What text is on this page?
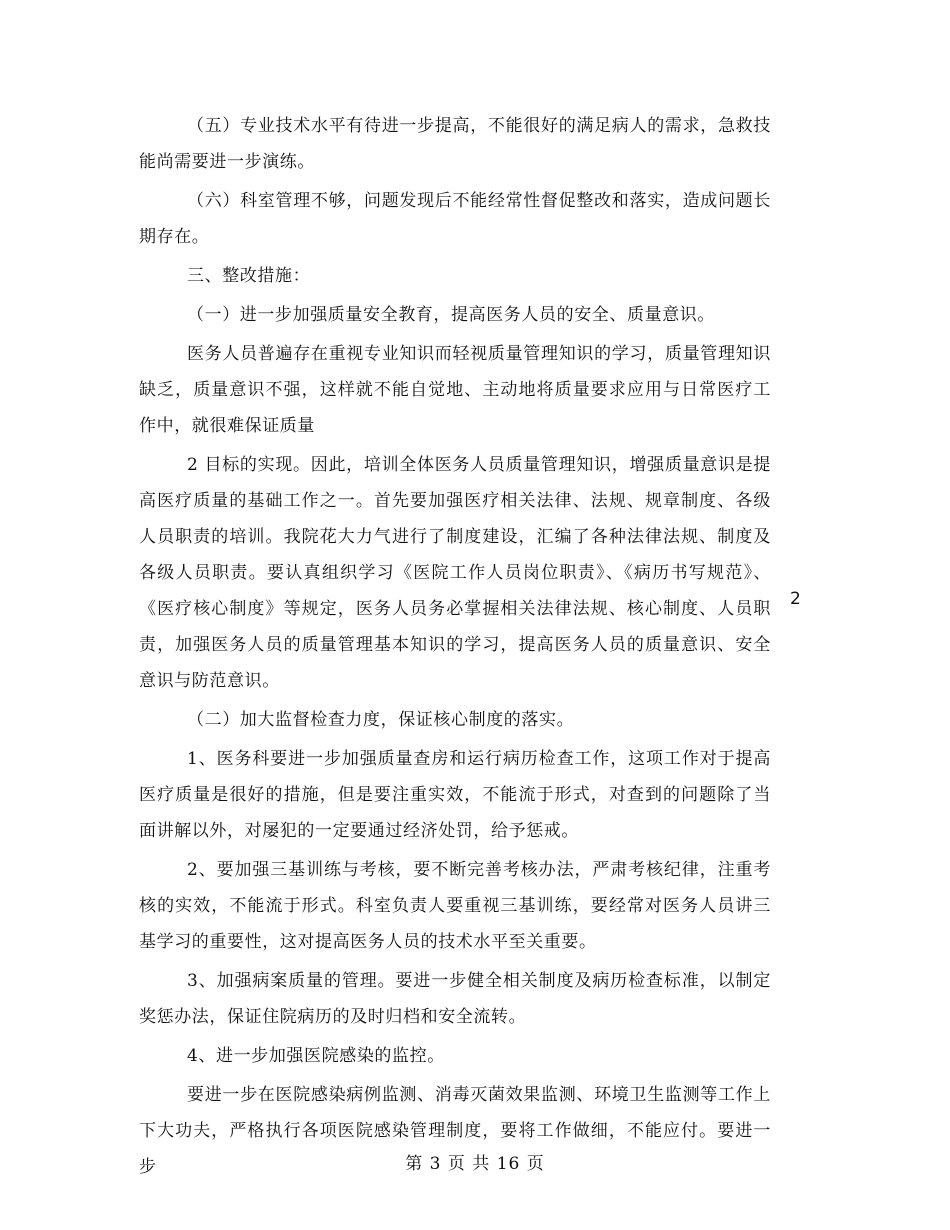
（五）专业技术水平有待进一步提高，不能很好的满足病人的需求，急救技能尚需要进一步演练。

（六）科室管理不够，问题发现后不能经常性督促整改和落实，造成问题长期存在。

三、整改措施：

（一）进一步加强质量安全教育，提高医务人员的安全、质量意识。

医务人员普遍存在重视专业知识而轻视质量管理知识的学习，质量管理知识缺乏，质量意识不强，这样就不能自觉地、主动地将质量要求应用与日常医疗工作中，就很难保证质量

2 目标的实现。因此，培训全体医务人员质量管理知识，增强质量意识是提高医疗质量的基础工作之一。首先要加强医疗相关法律、法规、规章制度、各级人员职责的培训。我院花大力气进行了制度建设，汇编了各种法律法规、制度及各级人员职责。要认真组织学习《医院工作人员岗位职责》、《病历书写规范》、《医疗核心制度》等规定，医务人员务必掌握相关法律法规、核心制度、人员职责，加强医务人员的质量管理基本知识的学习，提高医务人员的质量意识、安全意识与防范意识。

（二）加大监督检查力度，保证核心制度的落实。

1、医务科要进一步加强质量查房和运行病历检查工作，这项工作对于提高医疗质量是很好的措施，但是要注重实效，不能流于形式，对查到的问题除了当面讲解以外，对屡犯的一定要通过经济处罚，给予惩戒。

2、要加强三基训练与考核，要不断完善考核办法，严肃考核纪律，注重考核的实效，不能流于形式。科室负责人要重视三基训练，要经常对医务人员讲三基学习的重要性，这对提高医务人员的技术水平至关重要。

3、加强病案质量的管理。要进一步健全相关制度及病历检查标准，以制定奖惩办法，保证住院病历的及时归档和安全流转。

4、进一步加强医院感染的监控。

要进一步在医院感染病例监测、消毒灭菌效果监测、环境卫生监测等工作上下大功夫，严格执行各项医院感染管理制度，要将工作做细，不能应付。要进一步

2
第 3 页 共 16 页
